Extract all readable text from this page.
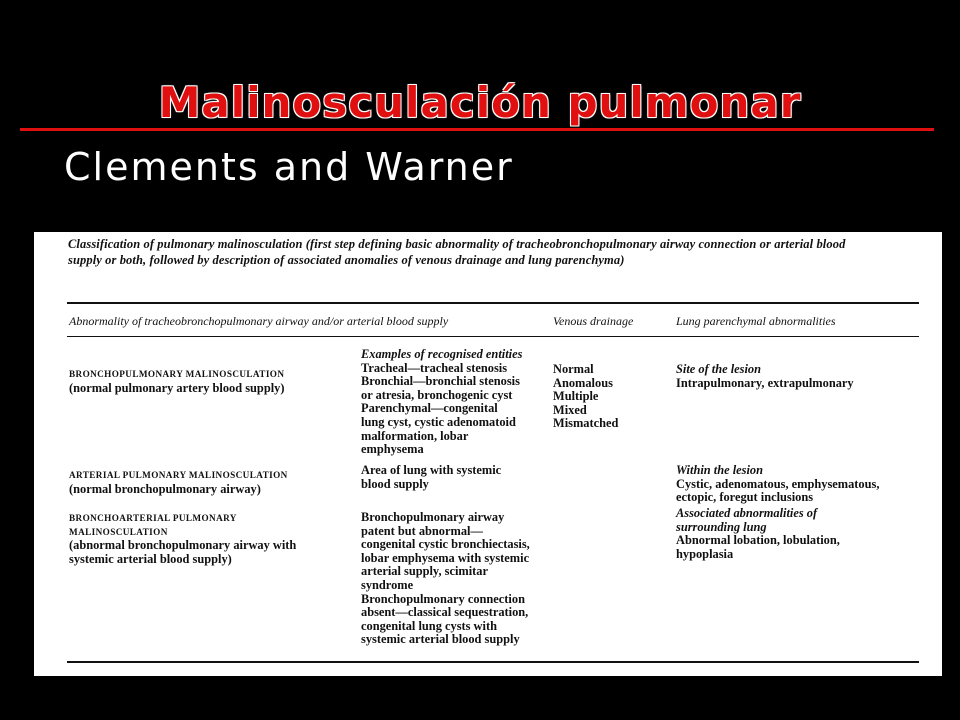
Malinosculación pulmonar
Clements and Warner
Classification of pulmonary malinosculation (first step defining basic abnormality of tracheobronchopulmonary airway connection or arterial blood supply or both, followed by description of associated anomalies of venous drainage and lung parenchyma)
Abnormality of tracheobronchopulmonary airway and/or arterial blood supply	Venous drainage	Lung parenchymal abnormalities
BRONCHOPULMONARY MALINOSCULATION
(normal pulmonary artery blood supply)
Examples of recognised entities
Tracheal—tracheal stenosis
Bronchial—bronchial stenosis
or atresia, bronchogenic cyst
Parenchymal—congenital
lung cyst, cystic adenomatoid
malformation, lobar
emphysema
Normal
Anomalous
Multiple
Mixed
Mismatched
Site of the lesion
Intrapulmonary, extrapulmonary
ARTERIAL PULMONARY MALINOSCULATION
(normal bronchopulmonary airway)
Area of lung with systemic
blood supply
Within the lesion
Cystic, adenomatous, emphysematous,
ectopic, foregut inclusions
BRONCHOARTERIAL PULMONARY
MALINOSCULATION
(abnormal bronchopulmonary airway with
systemic arterial blood supply)
Bronchopulmonary airway
patent but abnormal—
congenital cystic bronchiectasis,
lobar emphysema with systemic
arterial supply, scimitar
syndrome
Bronchopulmonary connection
absent—classical sequestration,
congenital lung cysts with
systemic arterial blood supply
Associated abnormalities of
surrounding lung
Abnormal lobation, lobulation,
hypoplasia
